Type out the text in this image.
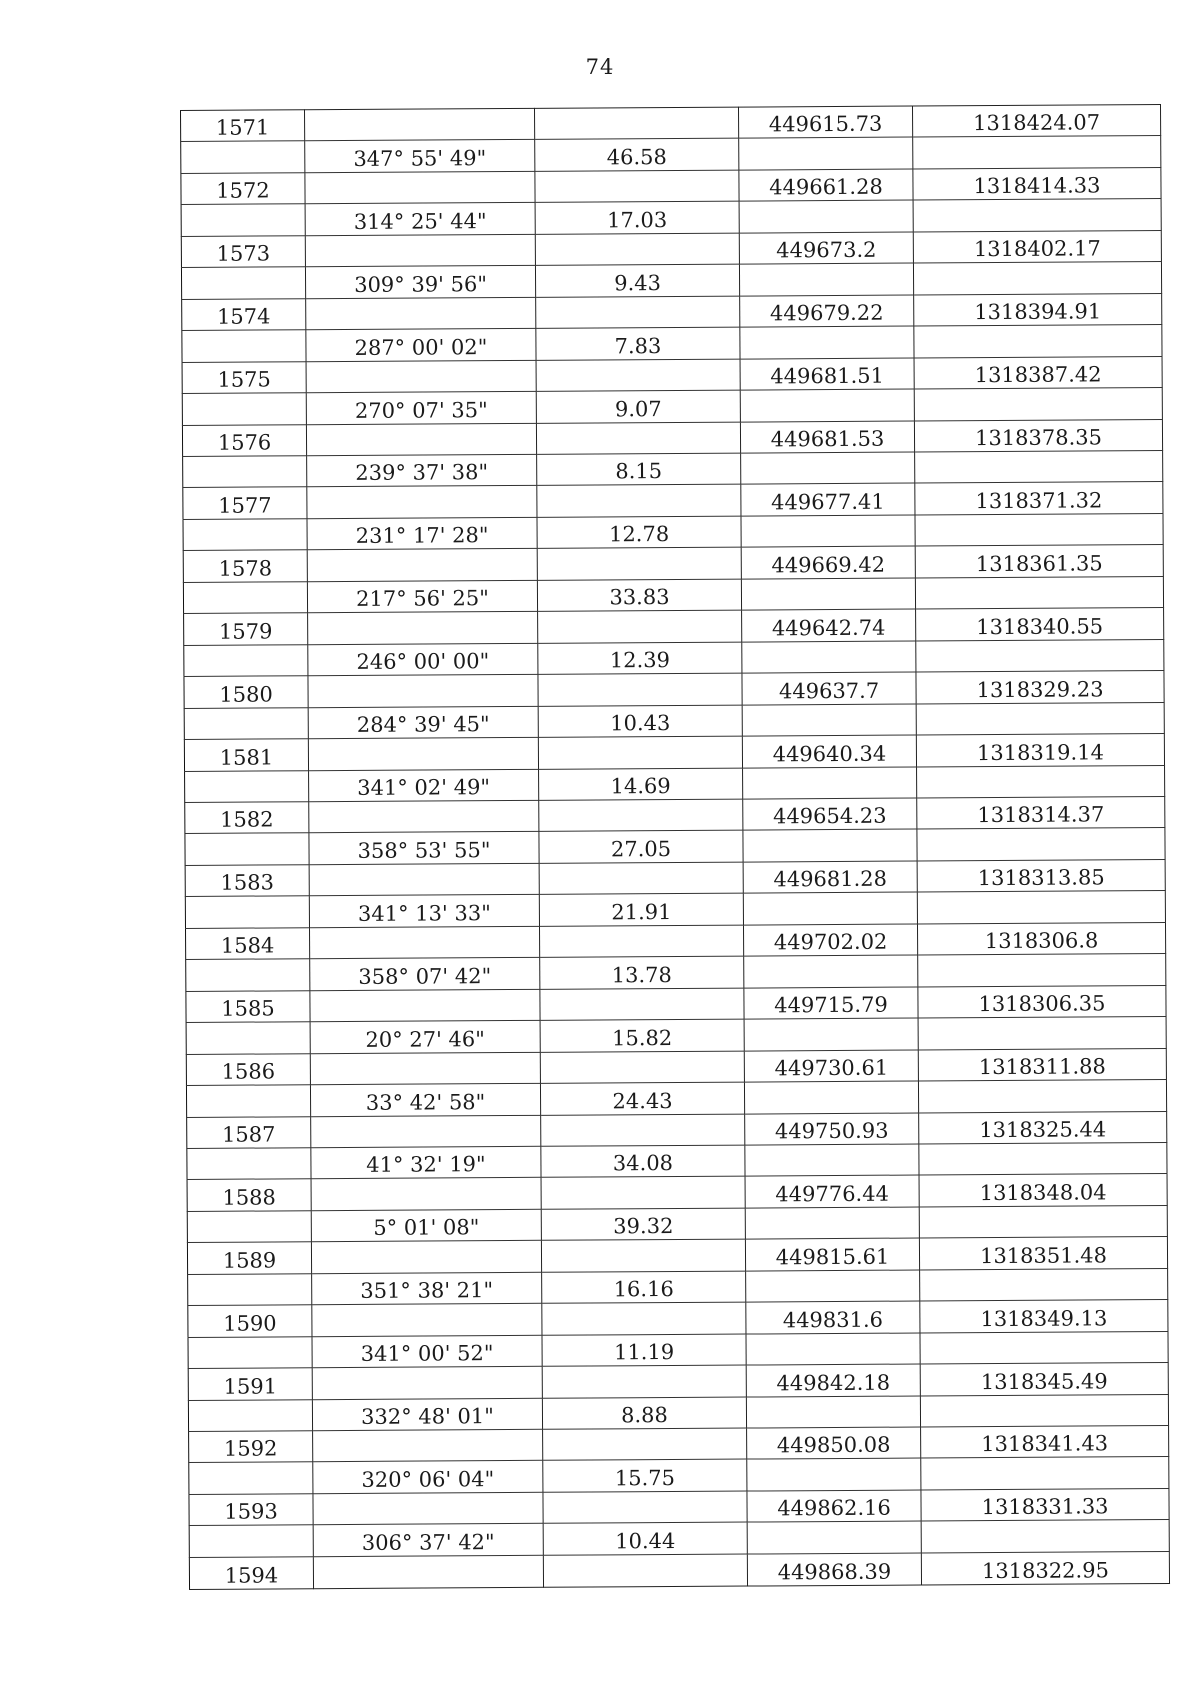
74
1571			449615.73	1318424.07
	347° 55' 49"	46.58		
1572			449661.28	1318414.33
	314° 25' 44"	17.03		
1573			449673.2	1318402.17
	309° 39' 56"	9.43		
1574			449679.22	1318394.91
	287° 00' 02"	7.83		
1575			449681.51	1318387.42
	270° 07' 35"	9.07		
1576			449681.53	1318378.35
	239° 37' 38"	8.15		
1577			449677.41	1318371.32
	231° 17' 28"	12.78		
1578			449669.42	1318361.35
	217° 56' 25"	33.83		
1579			449642.74	1318340.55
	246° 00' 00"	12.39		
1580			449637.7	1318329.23
	284° 39' 45"	10.43		
1581			449640.34	1318319.14
	341° 02' 49"	14.69		
1582			449654.23	1318314.37
	358° 53' 55"	27.05		
1583			449681.28	1318313.85
	341° 13' 33"	21.91		
1584			449702.02	1318306.8
	358° 07' 42"	13.78		
1585			449715.79	1318306.35
	20° 27' 46"	15.82		
1586			449730.61	1318311.88
	33° 42' 58"	24.43		
1587			449750.93	1318325.44
	41° 32' 19"	34.08		
1588			449776.44	1318348.04
	5° 01' 08"	39.32		
1589			449815.61	1318351.48
	351° 38' 21"	16.16		
1590			449831.6	1318349.13
	341° 00' 52"	11.19		
1591			449842.18	1318345.49
	332° 48' 01"	8.88		
1592			449850.08	1318341.43
	320° 06' 04"	15.75		
1593			449862.16	1318331.33
	306° 37' 42"	10.44		
1594			449868.39	1318322.95
